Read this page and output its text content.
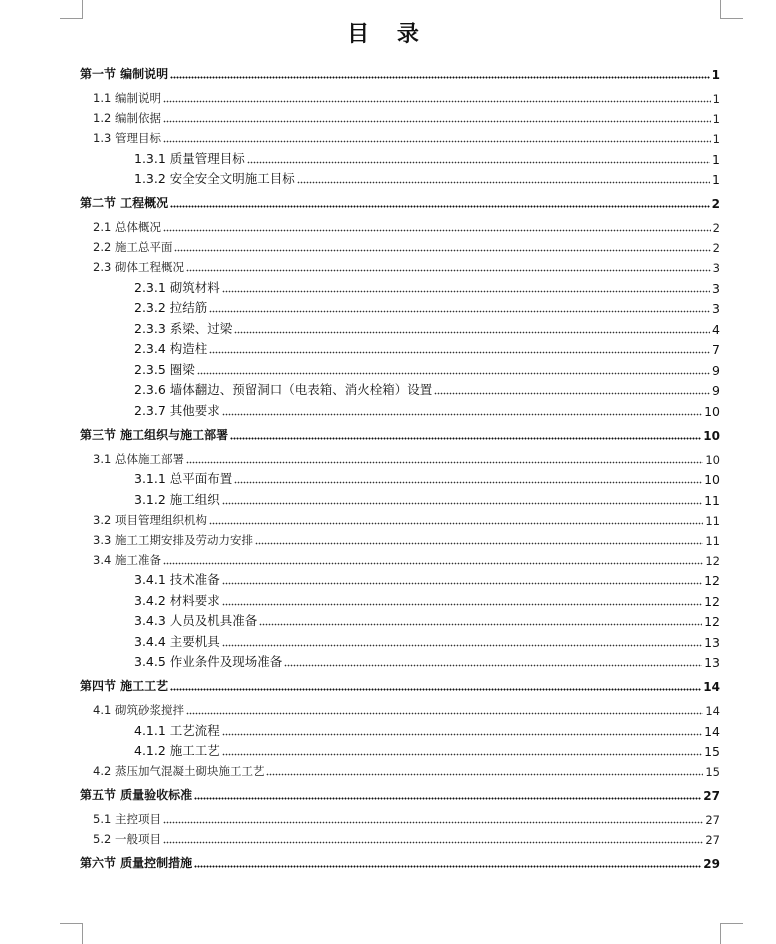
目 录
第一节 编制说明	1
1.1 编制说明	1
1.2 编制依据	1
1.3 管理目标	1
1.3.1 质量管理目标	1
1.3.2 安全安全文明施工目标	1
第二节 工程概况	2
2.1 总体概况	2
2.2 施工总平面	2
2.3 砌体工程概况	3
2.3.1 砌筑材料	3
2.3.2 拉结筋	3
2.3.3 系梁、过梁	4
2.3.4 构造柱	7
2.3.5 圈梁	9
2.3.6 墙体翻边、预留洞口（电表箱、消火栓箱）设置	9
2.3.7 其他要求	10
第三节 施工组织与施工部署	10
3.1 总体施工部署	10
3.1.1 总平面布置	10
3.1.2 施工组织	11
3.2 项目管理组织机构	11
3.3 施工工期安排及劳动力安排	11
3.4 施工准备	12
3.4.1 技术准备	12
3.4.2 材料要求	12
3.4.3 人员及机具准备	12
3.4.4 主要机具	13
3.4.5 作业条件及现场准备	13
第四节 施工工艺	14
4.1 砌筑砂浆搅拌	14
4.1.1 工艺流程	14
4.1.2 施工工艺	15
4.2 蒸压加气混凝土砌块施工工艺	15
第五节 质量验收标准	27
5.1 主控项目	27
5.2 一般项目	27
第六节 质量控制措施	29
